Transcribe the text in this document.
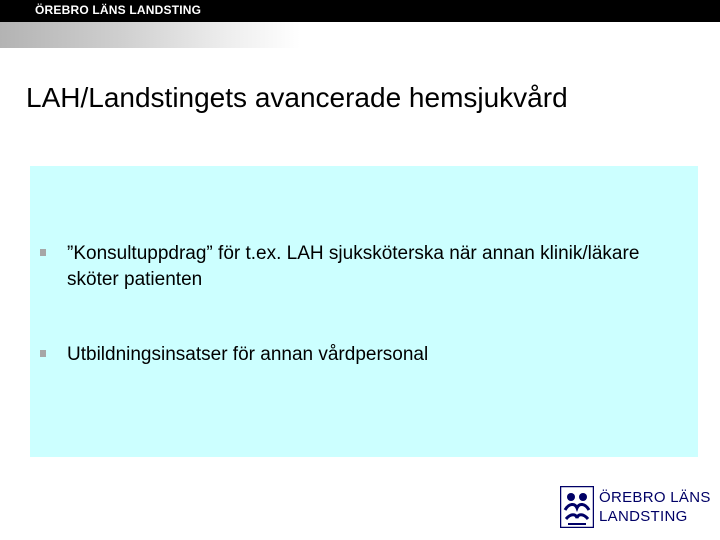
ÖREBRO LÄNS LANDSTING
LAH/Landstingets avancerade hemsjukvård
”Konsultuppdrag” för t.ex. LAH sjuksköterska när annan klinik/läkare sköter patienten
Utbildningsinsatser för annan vårdpersonal
ÖREBRO LÄNS
LANDSTING
